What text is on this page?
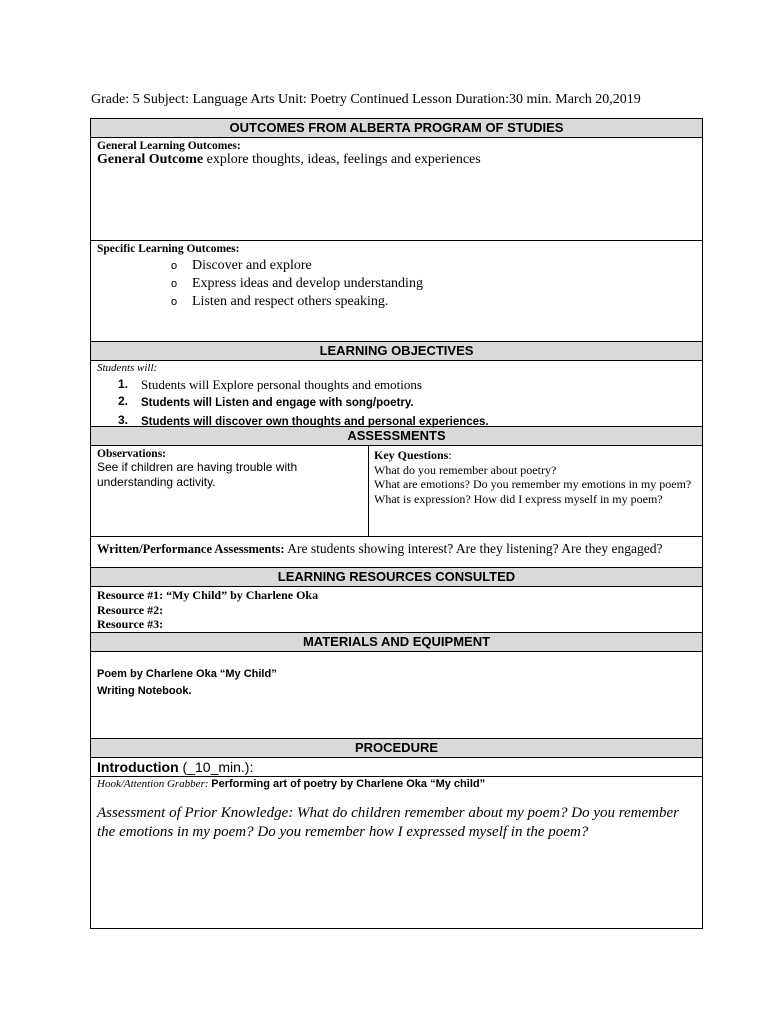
Grade: 5 Subject: Language Arts Unit: Poetry Continued Lesson Duration:30 min. March 20,2019
OUTCOMES FROM ALBERTA PROGRAM OF STUDIES
General Learning Outcomes:
General Outcome explore thoughts, ideas, feelings and experiences
Specific Learning Outcomes:
o Discover and explore
o Express ideas and develop understanding
o Listen and respect others speaking.
LEARNING OBJECTIVES
Students will:
1. Students will Explore personal thoughts and emotions
2. Students will Listen and engage with song/poetry.
3. Students will discover own thoughts and personal experiences.
ASSESSMENTS
Observations:
See if children are having trouble with understanding activity.
Key Questions:
What do you remember about poetry?
What are emotions? Do you remember my emotions in my poem?
What is expression? How did I express myself in my poem?
Written/Performance Assessments: Are students showing interest? Are they listening? Are they engaged?
LEARNING RESOURCES CONSULTED
Resource #1: “My Child” by Charlene Oka
Resource #2:
Resource #3:
MATERIALS AND EQUIPMENT
Poem by Charlene Oka “My Child”
Writing Notebook.
PROCEDURE
Introduction (_10_min.):
Hook/Attention Grabber: Performing art of poetry by Charlene Oka “My child”
Assessment of Prior Knowledge: What do children remember about my poem? Do you remember the emotions in my poem? Do you remember how I expressed myself in the poem?
